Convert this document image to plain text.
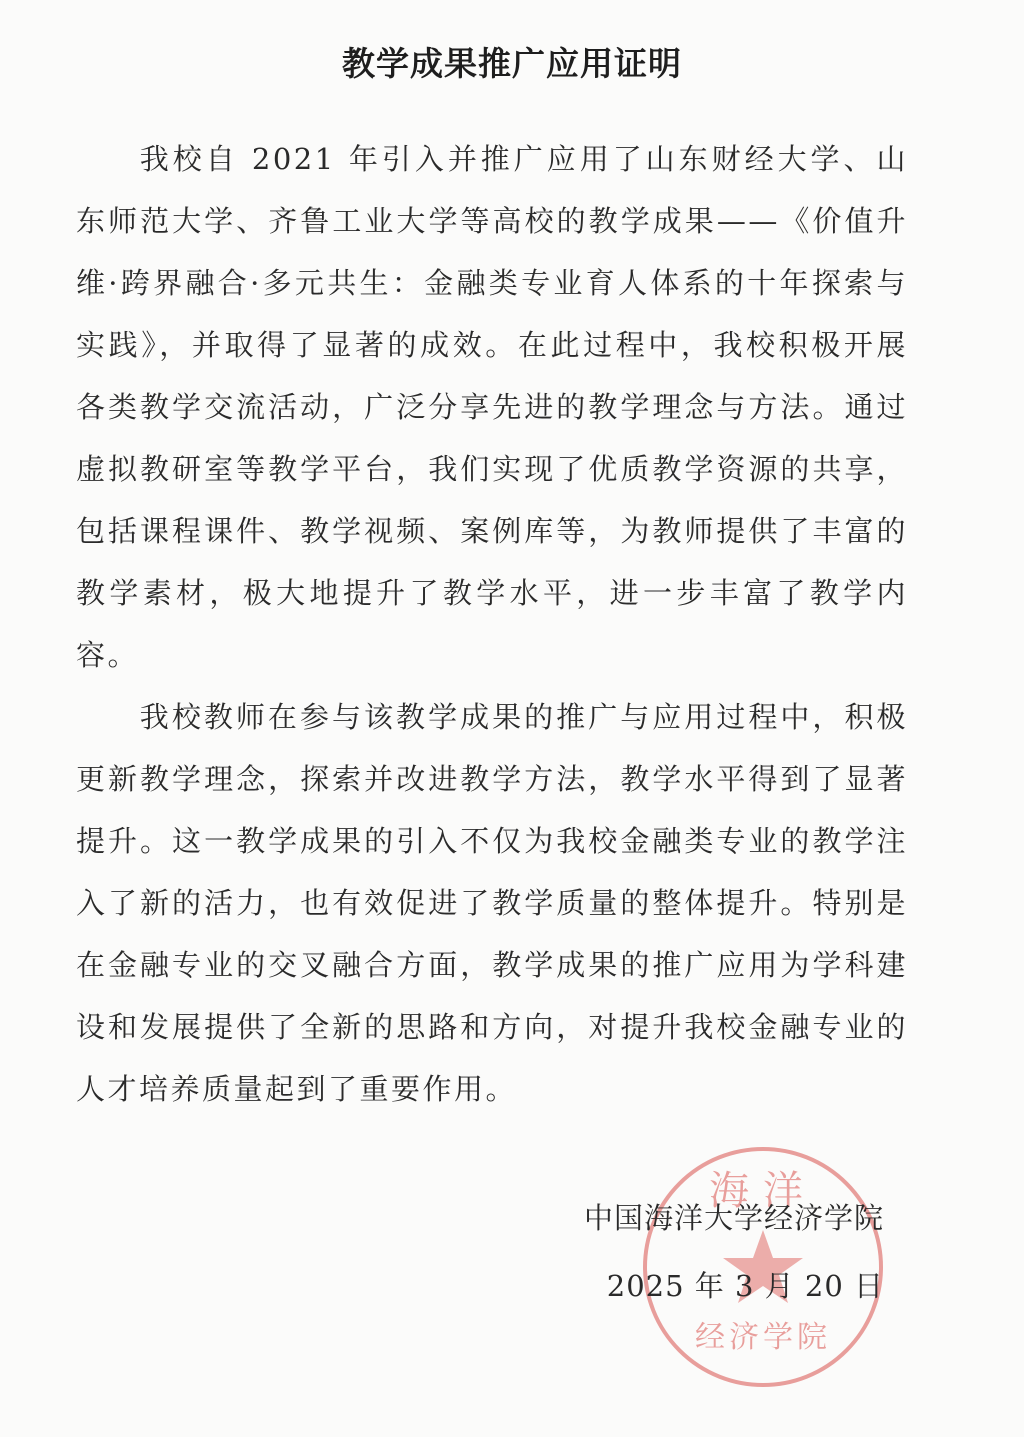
教学成果推广应用证明

我校自 2021 年引入并推广应用了山东财经大学、山东师范大学、齐鲁工业大学等高校的教学成果——《价值升维·跨界融合·多元共生：金融类专业育人体系的十年探索与实践》，并取得了显著的成效。在此过程中，我校积极开展各类教学交流活动，广泛分享先进的教学理念与方法。通过虚拟教研室等教学平台，我们实现了优质教学资源的共享，包括课程课件、教学视频、案例库等，为教师提供了丰富的教学素材，极大地提升了教学水平，进一步丰富了教学内容。

我校教师在参与该教学成果的推广与应用过程中，积极更新教学理念，探索并改进教学方法，教学水平得到了显著提升。这一教学成果的引入不仅为我校金融类专业的教学注入了新的活力，也有效促进了教学质量的整体提升。特别是在金融专业的交叉融合方面，教学成果的推广应用为学科建设和发展提供了全新的思路和方向，对提升我校金融专业的人才培养质量起到了重要作用。

海洋
经济学院
中国海洋大学经济学院
2025 年 3 月 20 日
